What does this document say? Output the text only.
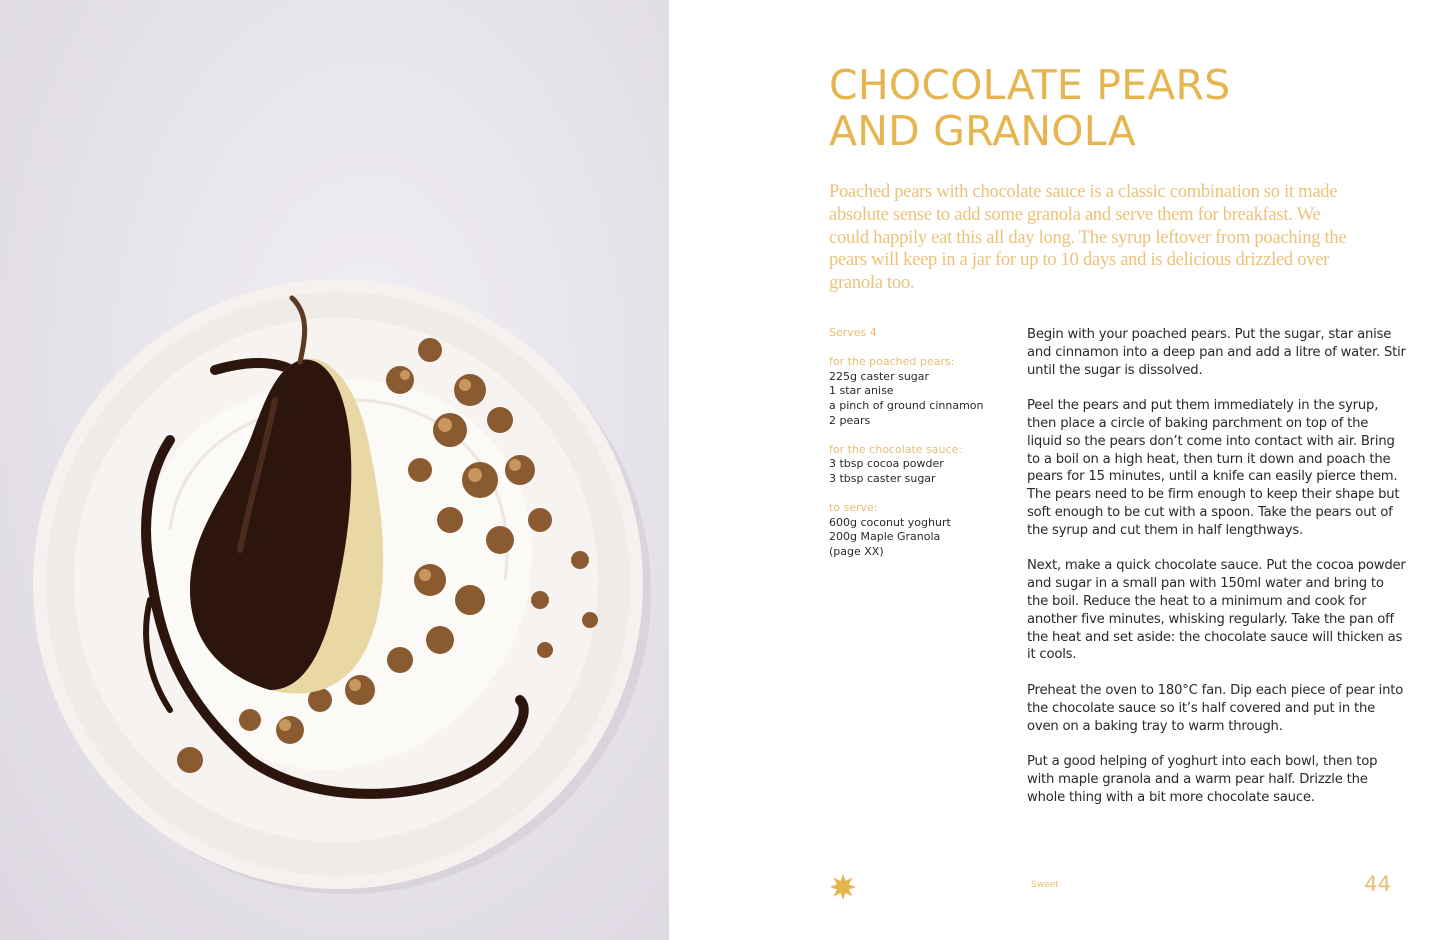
CHOCOLATE PEARS
AND GRANOLA

Poached pears with chocolate sauce is a classic combination so it made absolute sense to add some granola and serve them for breakfast. We could happily eat this all day long. The syrup leftover from poaching the pears will keep in a jar for up to 10 days and is delicious drizzled over granola too.

Serves 4
for the poached pears:
225g caster sugar
1 star anise
a pinch of ground cinnamon
2 pears
for the chocolate sauce:
3 tbsp cocoa powder
3 tbsp caster sugar
to serve:
600g coconut yoghurt
200g Maple Granola
(page XX)

Begin with your poached pears. Put the sugar, star anise and cinnamon into a deep pan and add a litre of water. Stir until the sugar is dissolved.

Peel the pears and put them immediately in the syrup, then place a circle of baking parchment on top of the liquid so the pears don’t come into contact with air. Bring to a boil on a high heat, then turn it down and poach the pears for 15 minutes, until a knife can easily pierce them. The pears need to be firm enough to keep their shape but soft enough to be cut with a spoon. Take the pears out of the syrup and cut them in half lengthways.

Next, make a quick chocolate sauce. Put the cocoa powder and sugar in a small pan with 150ml water and bring to the boil. Reduce the heat to a minimum and cook for another five minutes, whisking regularly. Take the pan off the heat and set aside: the chocolate sauce will thicken as it cools.

Preheat the oven to 180°C fan. Dip each piece of pear into the chocolate sauce so it’s half covered and put in the oven on a baking tray to warm through.

Put a good helping of yoghurt into each bowl, then top with maple granola and a warm pear half. Drizzle the whole thing with a bit more chocolate sauce.

Sweet	44
